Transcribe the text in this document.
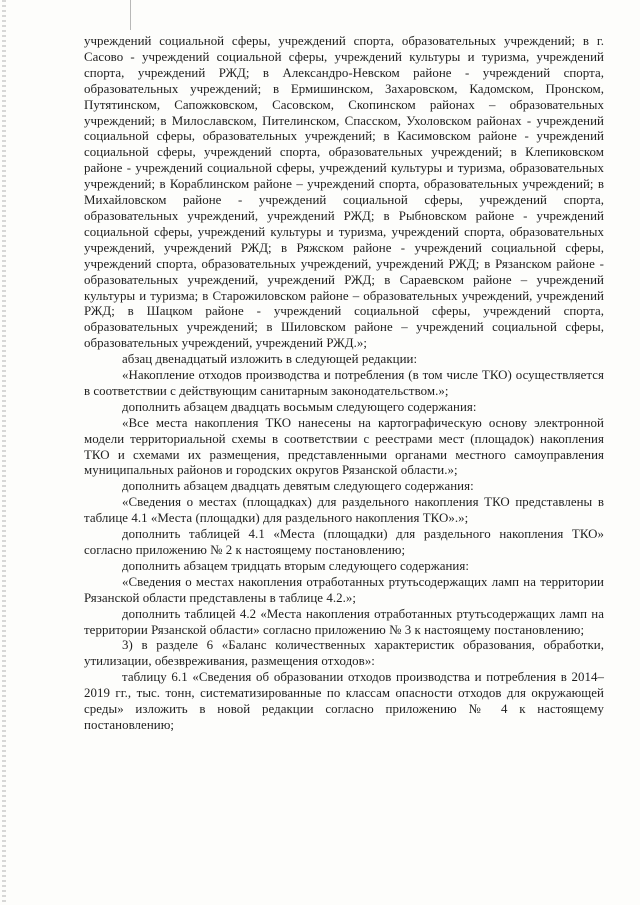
учреждений социальной сферы, учреждений спорта, образовательных учреждений; в г. Сасово - учреждений социальной сферы, учреждений культуры и туризма, учреждений спорта, учреждений РЖД; в Александро-Невском районе - учреждений спорта, образовательных учреждений; в Ермишинском, Захаровском, Кадомском, Пронском, Путятинском, Сапожковском, Сасовском, Скопинском районах – образовательных учреждений; в Милославском, Пителинском, Спасском, Ухоловском районах - учреждений социальной сферы, образовательных учреждений; в Касимовском районе - учреждений социальной сферы, учреждений спорта, образовательных учреждений; в Клепиковском районе - учреждений социальной сферы, учреждений культуры и туризма, образовательных учреждений; в Кораблинском районе – учреждений спорта, образовательных учреждений; в Михайловском районе - учреждений социальной сферы, учреждений спорта, образовательных учреждений, учреждений РЖД; в Рыбновском районе - учреждений социальной сферы, учреждений культуры и туризма, учреждений спорта, образовательных учреждений, учреждений РЖД; в Ряжском районе - учреждений социальной сферы, учреждений спорта, образовательных учреждений, учреждений РЖД; в Рязанском районе - образовательных учреждений, учреждений РЖД; в Сараевском районе – учреждений культуры и туризма; в Старожиловском районе – образовательных учреждений, учреждений РЖД; в Шацком районе - учреждений социальной сферы, учреждений спорта, образовательных учреждений; в Шиловском районе – учреждений социальной сферы, образовательных учреждений, учреждений РЖД.»;

абзац двенадцатый изложить в следующей редакции:

«Накопление отходов производства и потребления (в том числе ТКО) осуществляется в соответствии с действующим санитарным законодательством.»;

дополнить абзацем двадцать восьмым следующего содержания:

«Все места накопления ТКО нанесены на картографическую основу электронной модели территориальной схемы в соответствии с реестрами мест (площадок) накопления ТКО и схемами их размещения, представленными органами местного самоуправления муниципальных районов и городских округов Рязанской области.»;

дополнить абзацем двадцать девятым следующего содержания:

«Сведения о местах (площадках) для раздельного накопления ТКО представлены в таблице 4.1 «Места (площадки) для раздельного накопления ТКО».»;

дополнить таблицей 4.1 «Места (площадки) для раздельного накопления ТКО» согласно приложению № 2 к настоящему постановлению;

дополнить абзацем тридцать вторым следующего содержания:

«Сведения о местах накопления отработанных ртутьсодержащих ламп на территории Рязанской области представлены в таблице 4.2.»;

дополнить таблицей 4.2 «Места накопления отработанных ртутьсодержащих ламп на территории Рязанской области» согласно приложению № 3 к настоящему постановлению;

3) в разделе 6 «Баланс количественных характеристик образования, обработки, утилизации, обезвреживания, размещения отходов»:

таблицу 6.1 «Сведения об образовании отходов производства и потребления в 2014–2019 гг., тыс. тонн, систематизированные по классам опасности отходов для окружающей среды» изложить в новой редакции согласно приложению № 4 к настоящему постановлению;
